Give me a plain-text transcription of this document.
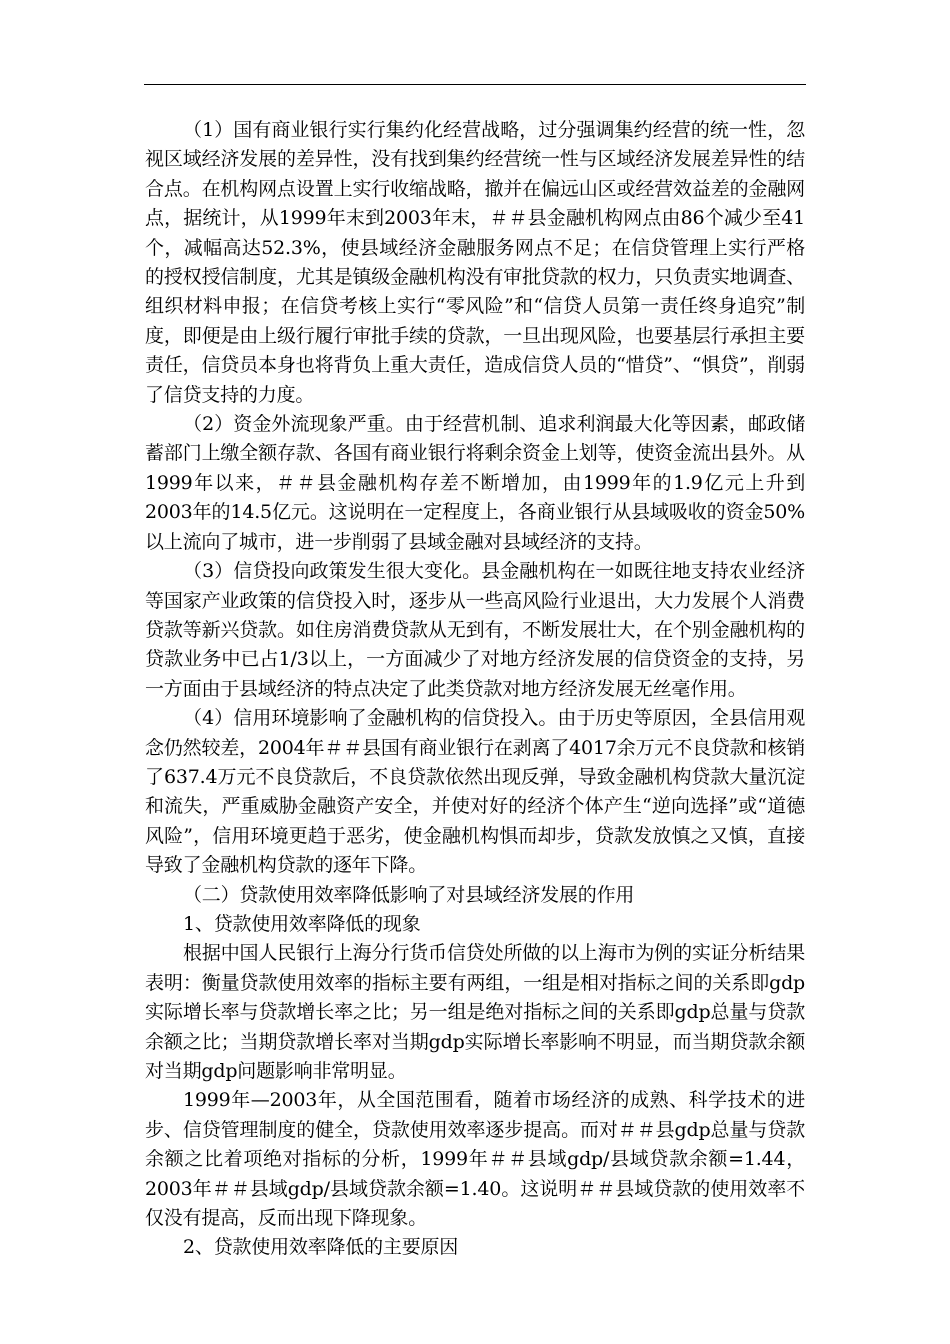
（1）国有商业银行实行集约化经营战略，过分强调集约经营的统一性，忽视区域经济发展的差异性，没有找到集约经营统一性与区域经济发展差异性的结合点。在机构网点设置上实行收缩战略，撤并在偏远山区或经营效益差的金融网点，据统计，从1999年末到2003年末，＃＃县金融机构网点由86个减少至41个，减幅高达52.3%，使县域经济金融服务网点不足；在信贷管理上实行严格的授权授信制度，尤其是镇级金融机构没有审批贷款的权力，只负责实地调查、组织材料申报；在信贷考核上实行“零风险”和“信贷人员第一责任终身追究”制度，即便是由上级行履行审批手续的贷款，一旦出现风险，也要基层行承担主要责任，信贷员本身也将背负上重大责任，造成信贷人员的“惜贷”、“惧贷”，削弱了信贷支持的力度。

（2）资金外流现象严重。由于经营机制、追求利润最大化等因素，邮政储蓄部门上缴全额存款、各国有商业银行将剩余资金上划等，使资金流出县外。从1999年以来，＃＃县金融机构存差不断增加，由1999年的1.9亿元上升到2003年的14.5亿元。这说明在一定程度上，各商业银行从县域吸收的资金50%以上流向了城市，进一步削弱了县域金融对县域经济的支持。

（3）信贷投向政策发生很大变化。县金融机构在一如既往地支持农业经济等国家产业政策的信贷投入时，逐步从一些高风险行业退出，大力发展个人消费贷款等新兴贷款。如住房消费贷款从无到有，不断发展壮大，在个别金融机构的贷款业务中已占1/3以上，一方面减少了对地方经济发展的信贷资金的支持，另一方面由于县域经济的特点决定了此类贷款对地方经济发展无丝毫作用。

（4）信用环境影响了金融机构的信贷投入。由于历史等原因，全县信用观念仍然较差，2004年＃＃县国有商业银行在剥离了4017余万元不良贷款和核销了637.4万元不良贷款后，不良贷款依然出现反弹，导致金融机构贷款大量沉淀和流失，严重威胁金融资产安全，并使对好的经济个体产生“逆向选择”或“道德风险”，信用环境更趋于恶劣，使金融机构惧而却步，贷款发放慎之又慎，直接导致了金融机构贷款的逐年下降。

（二）贷款使用效率降低影响了对县域经济发展的作用

1、贷款使用效率降低的现象

根据中国人民银行上海分行货币信贷处所做的以上海市为例的实证分析结果表明：衡量贷款使用效率的指标主要有两组，一组是相对指标之间的关系即gdp实际增长率与贷款增长率之比；另一组是绝对指标之间的关系即gdp总量与贷款余额之比；当期贷款增长率对当期gdp实际增长率影响不明显，而当期贷款余额对当期gdp问题影响非常明显。

1999年—2003年，从全国范围看，随着市场经济的成熟、科学技术的进步、信贷管理制度的健全，贷款使用效率逐步提高。而对＃＃县gdp总量与贷款余额之比着项绝对指标的分析，1999年＃＃县域gdp/县域贷款余额=1.44，2003年＃＃县域gdp/县域贷款余额=1.40。这说明＃＃县域贷款的使用效率不仅没有提高，反而出现下降现象。

2、贷款使用效率降低的主要原因
